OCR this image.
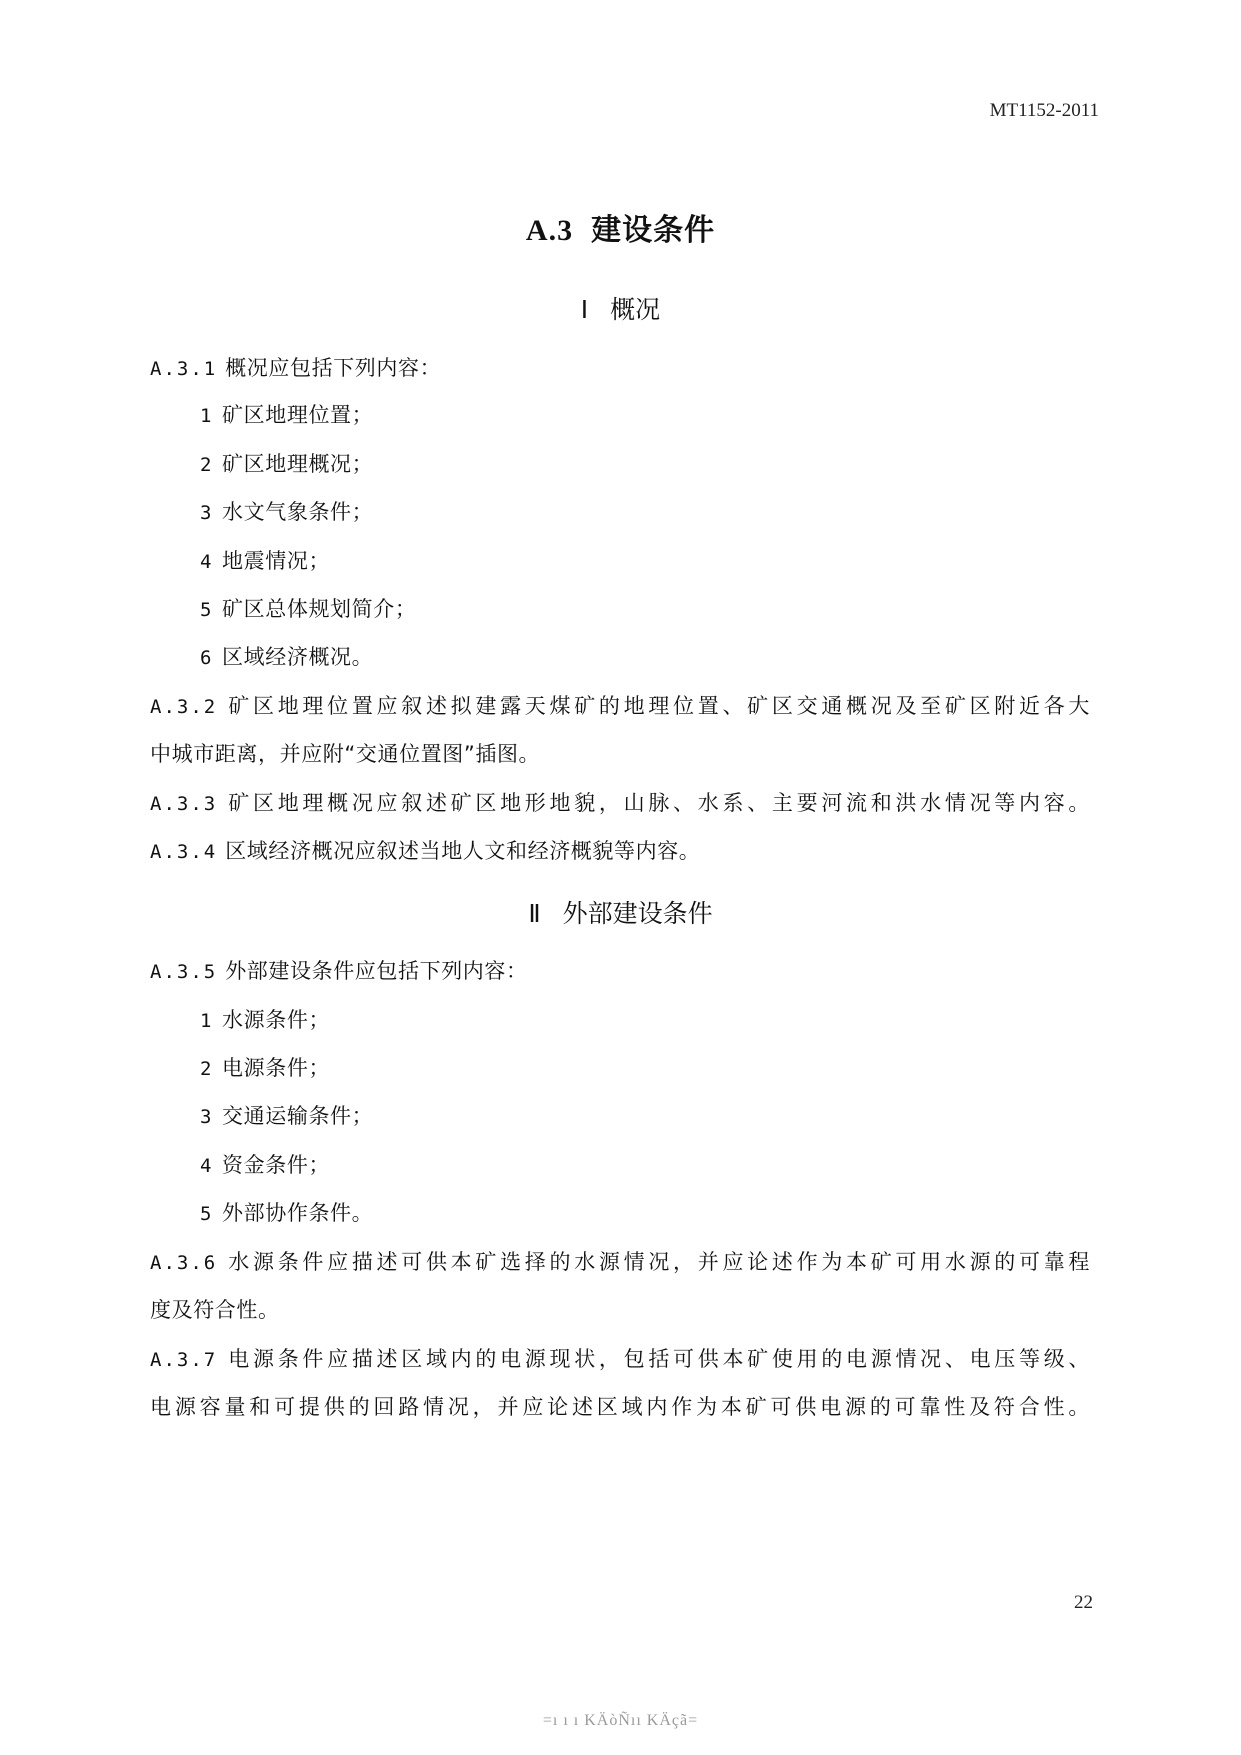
MT1152-2011
A.3 建设条件
Ⅰ 概况
A.3.1 概况应包括下列内容：
1 矿区地理位置；
2 矿区地理概况；
3 水文气象条件；
4 地震情况；
5 矿区总体规划简介；
6 区域经济概况。
A.3.2 矿区地理位置应叙述拟建露天煤矿的地理位置、矿区交通概况及至矿区附近各大
中城市距离，并应附“交通位置图”插图。
A.3.3 矿区地理概况应叙述矿区地形地貌，山脉、水系、主要河流和洪水情况等内容。
A.3.4 区域经济概况应叙述当地人文和经济概貌等内容。
Ⅱ 外部建设条件
A.3.5 外部建设条件应包括下列内容：
1 水源条件；
2 电源条件；
3 交通运输条件；
4 资金条件；
5 外部协作条件。
A.3.6 水源条件应描述可供本矿选择的水源情况，并应论述作为本矿可用水源的可靠程
度及符合性。
A.3.7 电源条件应描述区域内的电源现状，包括可供本矿使用的电源情况、电压等级、
电源容量和可提供的回路情况，并应论述区域内作为本矿可供电源的可靠性及符合性。
22
=ı ı ı KÄòÑıı KÄçã=
